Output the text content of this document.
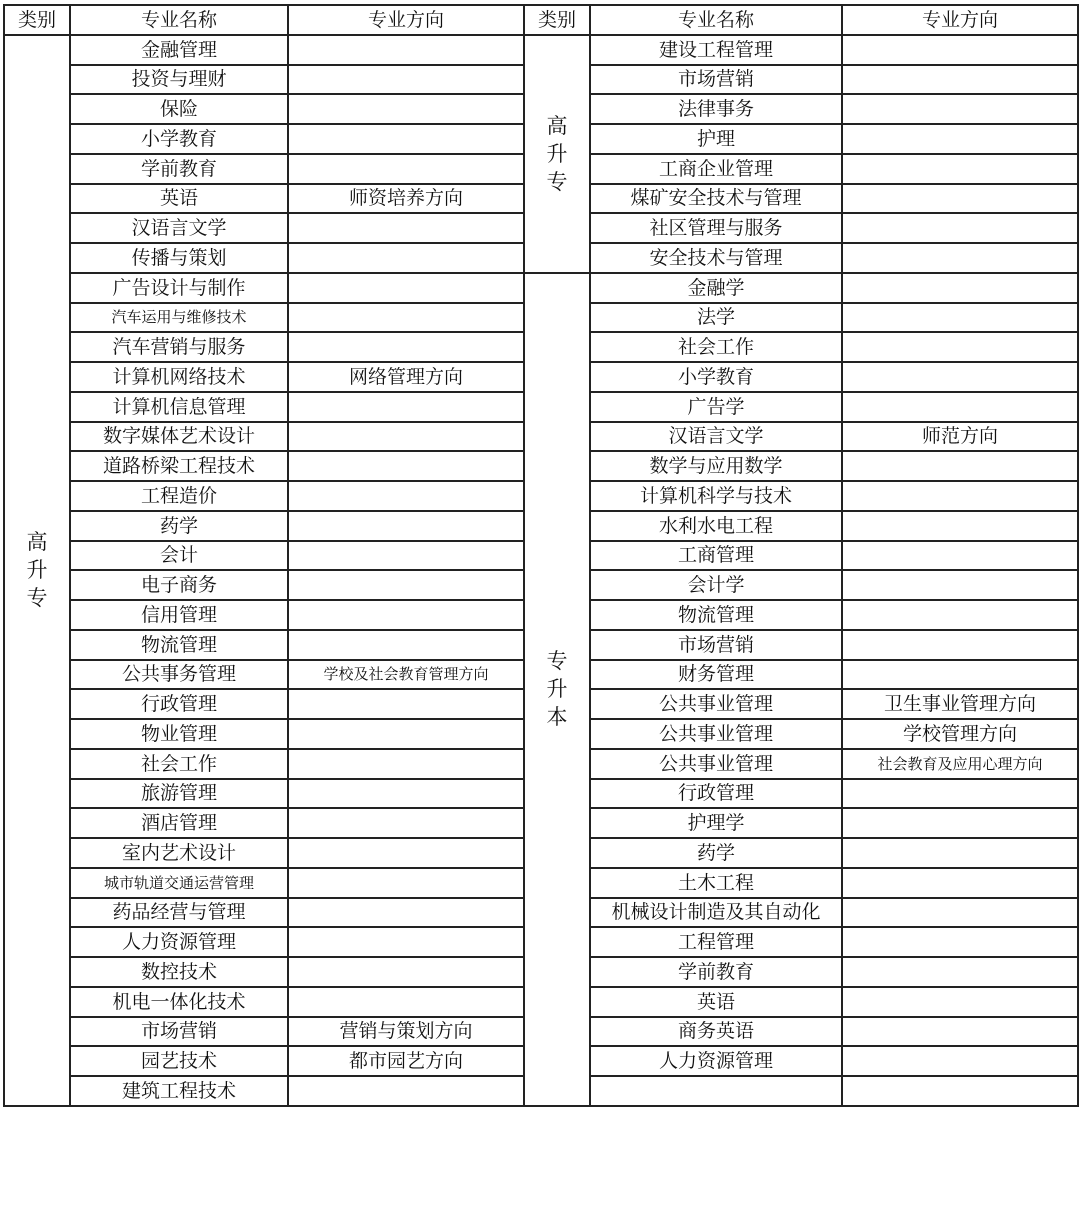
类别	专业名称	专业方向	类别	专业名称	专业方向
高升专	金融管理		高升专	建设工程管理	
	投资与理财			市场营销	
	保险			法律事务	
	小学教育			护理	
	学前教育			工商企业管理	
	英语	师资培养方向		煤矿安全技术与管理	
	汉语言文学			社区管理与服务	
	传播与策划			安全技术与管理	
	广告设计与制作		专升本	金融学	
	汽车运用与维修技术			法学	
	汽车营销与服务			社会工作	
	计算机网络技术	网络管理方向		小学教育	
	计算机信息管理			广告学	
	数字媒体艺术设计			汉语言文学	师范方向
	道路桥梁工程技术			数学与应用数学	
	工程造价			计算机科学与技术	
	药学			水利水电工程	
	会计			工商管理	
	电子商务			会计学	
	信用管理			物流管理	
	物流管理			市场营销	
	公共事务管理	学校及社会教育管理方向		财务管理	
	行政管理			公共事业管理	卫生事业管理方向
	物业管理			公共事业管理	学校管理方向
	社会工作			公共事业管理	社会教育及应用心理方向
	旅游管理			行政管理	
	酒店管理			护理学	
	室内艺术设计			药学	
	城市轨道交通运营管理			土木工程	
	药品经营与管理			机械设计制造及其自动化	
	人力资源管理			工程管理	
	数控技术			学前教育	
	机电一体化技术			英语	
	市场营销	营销与策划方向		商务英语	
	园艺技术	都市园艺方向		人力资源管理	
	建筑工程技术				
